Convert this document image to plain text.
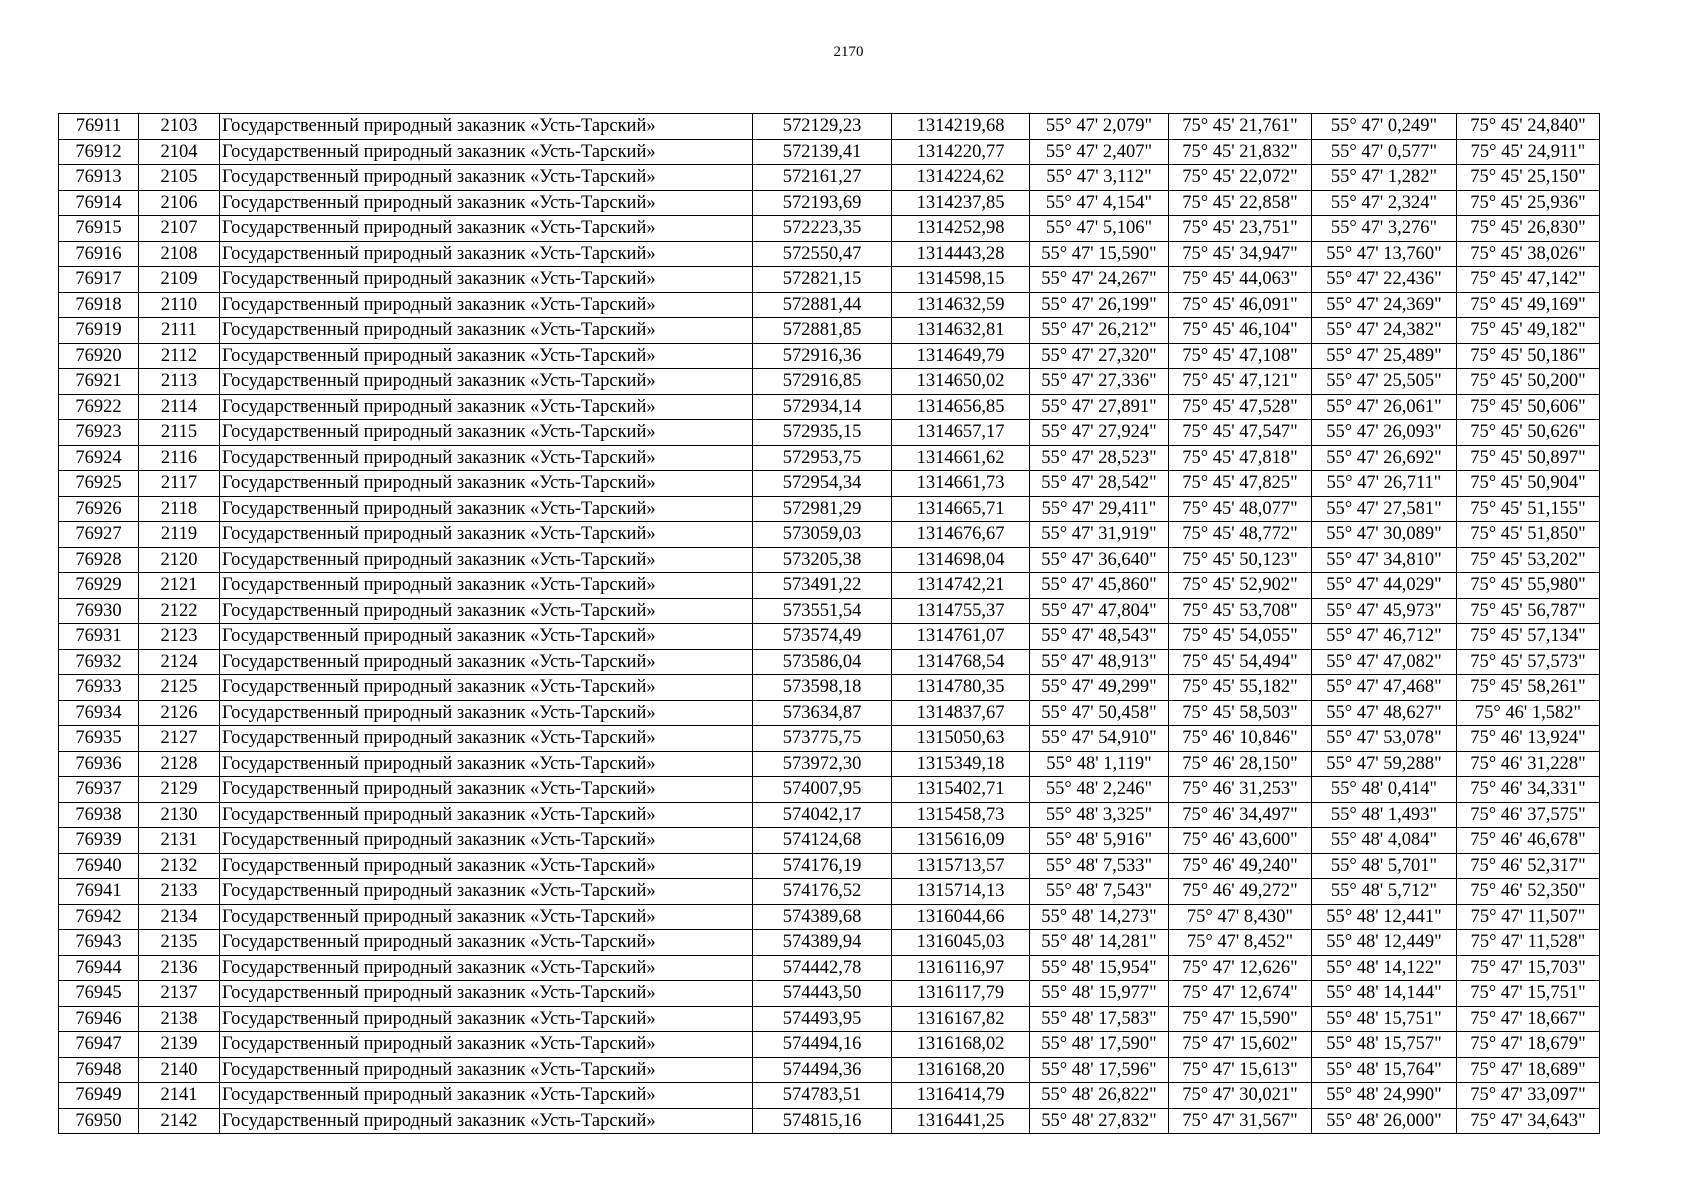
2170
76911	2103	Государственный природный заказник «Усть-Тарский»	572129,23	1314219,68	55° 47' 2,079"	75° 45' 21,761"	55° 47' 0,249"	75° 45' 24,840"
76912	2104	Государственный природный заказник «Усть-Тарский»	572139,41	1314220,77	55° 47' 2,407"	75° 45' 21,832"	55° 47' 0,577"	75° 45' 24,911"
76913	2105	Государственный природный заказник «Усть-Тарский»	572161,27	1314224,62	55° 47' 3,112"	75° 45' 22,072"	55° 47' 1,282"	75° 45' 25,150"
76914	2106	Государственный природный заказник «Усть-Тарский»	572193,69	1314237,85	55° 47' 4,154"	75° 45' 22,858"	55° 47' 2,324"	75° 45' 25,936"
76915	2107	Государственный природный заказник «Усть-Тарский»	572223,35	1314252,98	55° 47' 5,106"	75° 45' 23,751"	55° 47' 3,276"	75° 45' 26,830"
76916	2108	Государственный природный заказник «Усть-Тарский»	572550,47	1314443,28	55° 47' 15,590"	75° 45' 34,947"	55° 47' 13,760"	75° 45' 38,026"
76917	2109	Государственный природный заказник «Усть-Тарский»	572821,15	1314598,15	55° 47' 24,267"	75° 45' 44,063"	55° 47' 22,436"	75° 45' 47,142"
76918	2110	Государственный природный заказник «Усть-Тарский»	572881,44	1314632,59	55° 47' 26,199"	75° 45' 46,091"	55° 47' 24,369"	75° 45' 49,169"
76919	2111	Государственный природный заказник «Усть-Тарский»	572881,85	1314632,81	55° 47' 26,212"	75° 45' 46,104"	55° 47' 24,382"	75° 45' 49,182"
76920	2112	Государственный природный заказник «Усть-Тарский»	572916,36	1314649,79	55° 47' 27,320"	75° 45' 47,108"	55° 47' 25,489"	75° 45' 50,186"
76921	2113	Государственный природный заказник «Усть-Тарский»	572916,85	1314650,02	55° 47' 27,336"	75° 45' 47,121"	55° 47' 25,505"	75° 45' 50,200"
76922	2114	Государственный природный заказник «Усть-Тарский»	572934,14	1314656,85	55° 47' 27,891"	75° 45' 47,528"	55° 47' 26,061"	75° 45' 50,606"
76923	2115	Государственный природный заказник «Усть-Тарский»	572935,15	1314657,17	55° 47' 27,924"	75° 45' 47,547"	55° 47' 26,093"	75° 45' 50,626"
76924	2116	Государственный природный заказник «Усть-Тарский»	572953,75	1314661,62	55° 47' 28,523"	75° 45' 47,818"	55° 47' 26,692"	75° 45' 50,897"
76925	2117	Государственный природный заказник «Усть-Тарский»	572954,34	1314661,73	55° 47' 28,542"	75° 45' 47,825"	55° 47' 26,711"	75° 45' 50,904"
76926	2118	Государственный природный заказник «Усть-Тарский»	572981,29	1314665,71	55° 47' 29,411"	75° 45' 48,077"	55° 47' 27,581"	75° 45' 51,155"
76927	2119	Государственный природный заказник «Усть-Тарский»	573059,03	1314676,67	55° 47' 31,919"	75° 45' 48,772"	55° 47' 30,089"	75° 45' 51,850"
76928	2120	Государственный природный заказник «Усть-Тарский»	573205,38	1314698,04	55° 47' 36,640"	75° 45' 50,123"	55° 47' 34,810"	75° 45' 53,202"
76929	2121	Государственный природный заказник «Усть-Тарский»	573491,22	1314742,21	55° 47' 45,860"	75° 45' 52,902"	55° 47' 44,029"	75° 45' 55,980"
76930	2122	Государственный природный заказник «Усть-Тарский»	573551,54	1314755,37	55° 47' 47,804"	75° 45' 53,708"	55° 47' 45,973"	75° 45' 56,787"
76931	2123	Государственный природный заказник «Усть-Тарский»	573574,49	1314761,07	55° 47' 48,543"	75° 45' 54,055"	55° 47' 46,712"	75° 45' 57,134"
76932	2124	Государственный природный заказник «Усть-Тарский»	573586,04	1314768,54	55° 47' 48,913"	75° 45' 54,494"	55° 47' 47,082"	75° 45' 57,573"
76933	2125	Государственный природный заказник «Усть-Тарский»	573598,18	1314780,35	55° 47' 49,299"	75° 45' 55,182"	55° 47' 47,468"	75° 45' 58,261"
76934	2126	Государственный природный заказник «Усть-Тарский»	573634,87	1314837,67	55° 47' 50,458"	75° 45' 58,503"	55° 47' 48,627"	75° 46' 1,582"
76935	2127	Государственный природный заказник «Усть-Тарский»	573775,75	1315050,63	55° 47' 54,910"	75° 46' 10,846"	55° 47' 53,078"	75° 46' 13,924"
76936	2128	Государственный природный заказник «Усть-Тарский»	573972,30	1315349,18	55° 48' 1,119"	75° 46' 28,150"	55° 47' 59,288"	75° 46' 31,228"
76937	2129	Государственный природный заказник «Усть-Тарский»	574007,95	1315402,71	55° 48' 2,246"	75° 46' 31,253"	55° 48' 0,414"	75° 46' 34,331"
76938	2130	Государственный природный заказник «Усть-Тарский»	574042,17	1315458,73	55° 48' 3,325"	75° 46' 34,497"	55° 48' 1,493"	75° 46' 37,575"
76939	2131	Государственный природный заказник «Усть-Тарский»	574124,68	1315616,09	55° 48' 5,916"	75° 46' 43,600"	55° 48' 4,084"	75° 46' 46,678"
76940	2132	Государственный природный заказник «Усть-Тарский»	574176,19	1315713,57	55° 48' 7,533"	75° 46' 49,240"	55° 48' 5,701"	75° 46' 52,317"
76941	2133	Государственный природный заказник «Усть-Тарский»	574176,52	1315714,13	55° 48' 7,543"	75° 46' 49,272"	55° 48' 5,712"	75° 46' 52,350"
76942	2134	Государственный природный заказник «Усть-Тарский»	574389,68	1316044,66	55° 48' 14,273"	75° 47' 8,430"	55° 48' 12,441"	75° 47' 11,507"
76943	2135	Государственный природный заказник «Усть-Тарский»	574389,94	1316045,03	55° 48' 14,281"	75° 47' 8,452"	55° 48' 12,449"	75° 47' 11,528"
76944	2136	Государственный природный заказник «Усть-Тарский»	574442,78	1316116,97	55° 48' 15,954"	75° 47' 12,626"	55° 48' 14,122"	75° 47' 15,703"
76945	2137	Государственный природный заказник «Усть-Тарский»	574443,50	1316117,79	55° 48' 15,977"	75° 47' 12,674"	55° 48' 14,144"	75° 47' 15,751"
76946	2138	Государственный природный заказник «Усть-Тарский»	574493,95	1316167,82	55° 48' 17,583"	75° 47' 15,590"	55° 48' 15,751"	75° 47' 18,667"
76947	2139	Государственный природный заказник «Усть-Тарский»	574494,16	1316168,02	55° 48' 17,590"	75° 47' 15,602"	55° 48' 15,757"	75° 47' 18,679"
76948	2140	Государственный природный заказник «Усть-Тарский»	574494,36	1316168,20	55° 48' 17,596"	75° 47' 15,613"	55° 48' 15,764"	75° 47' 18,689"
76949	2141	Государственный природный заказник «Усть-Тарский»	574783,51	1316414,79	55° 48' 26,822"	75° 47' 30,021"	55° 48' 24,990"	75° 47' 33,097"
76950	2142	Государственный природный заказник «Усть-Тарский»	574815,16	1316441,25	55° 48' 27,832"	75° 47' 31,567"	55° 48' 26,000"	75° 47' 34,643"
